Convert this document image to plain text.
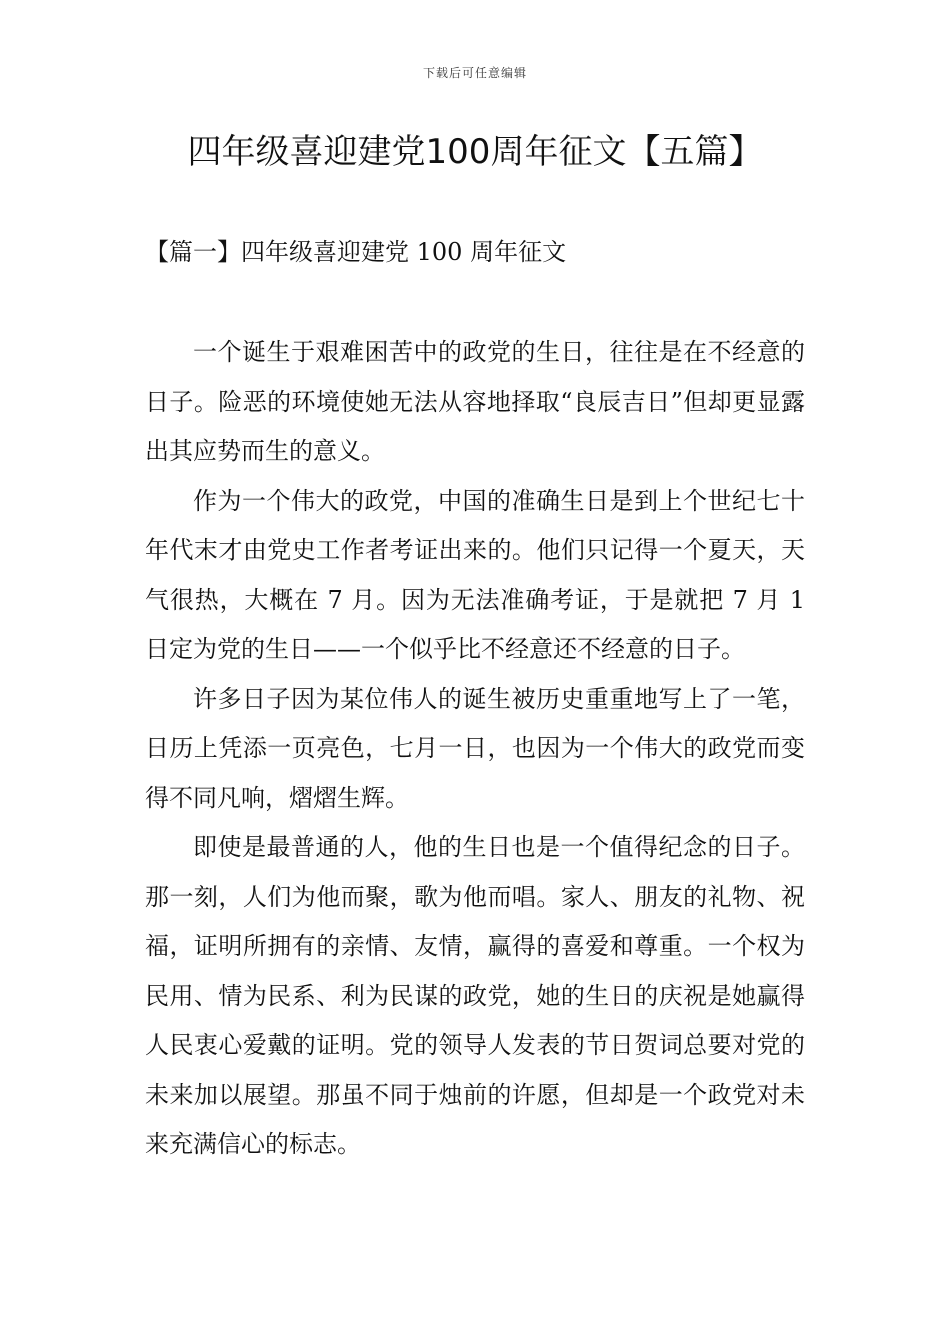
下载后可任意编辑
四年级喜迎建党100周年征文【五篇】
【篇一】四年级喜迎建党 100 周年征文

一个诞生于艰难困苦中的政党的生日，往往是在不经意的日子。险恶的环境使她无法从容地择取“良辰吉日”但却更显露出其应势而生的意义。

作为一个伟大的政党，中国的准确生日是到上个世纪七十年代末才由党史工作者考证出来的。他们只记得一个夏天，天气很热，大概在 7 月。因为无法准确考证，于是就把 7 月 1 日定为党的生日——一个似乎比不经意还不经意的日子。

许多日子因为某位伟人的诞生被历史重重地写上了一笔，日历上凭添一页亮色，七月一日，也因为一个伟大的政党而变得不同凡响，熠熠生辉。

即使是最普通的人，他的生日也是一个值得纪念的日子。那一刻，人们为他而聚，歌为他而唱。家人、朋友的礼物、祝福，证明所拥有的亲情、友情，赢得的喜爱和尊重。一个权为民用、情为民系、利为民谋的政党，她的生日的庆祝是她赢得人民衷心爱戴的证明。党的领导人发表的节日贺词总要对党的未来加以展望。那虽不同于烛前的许愿，但却是一个政党对未来充满信心的标志。
